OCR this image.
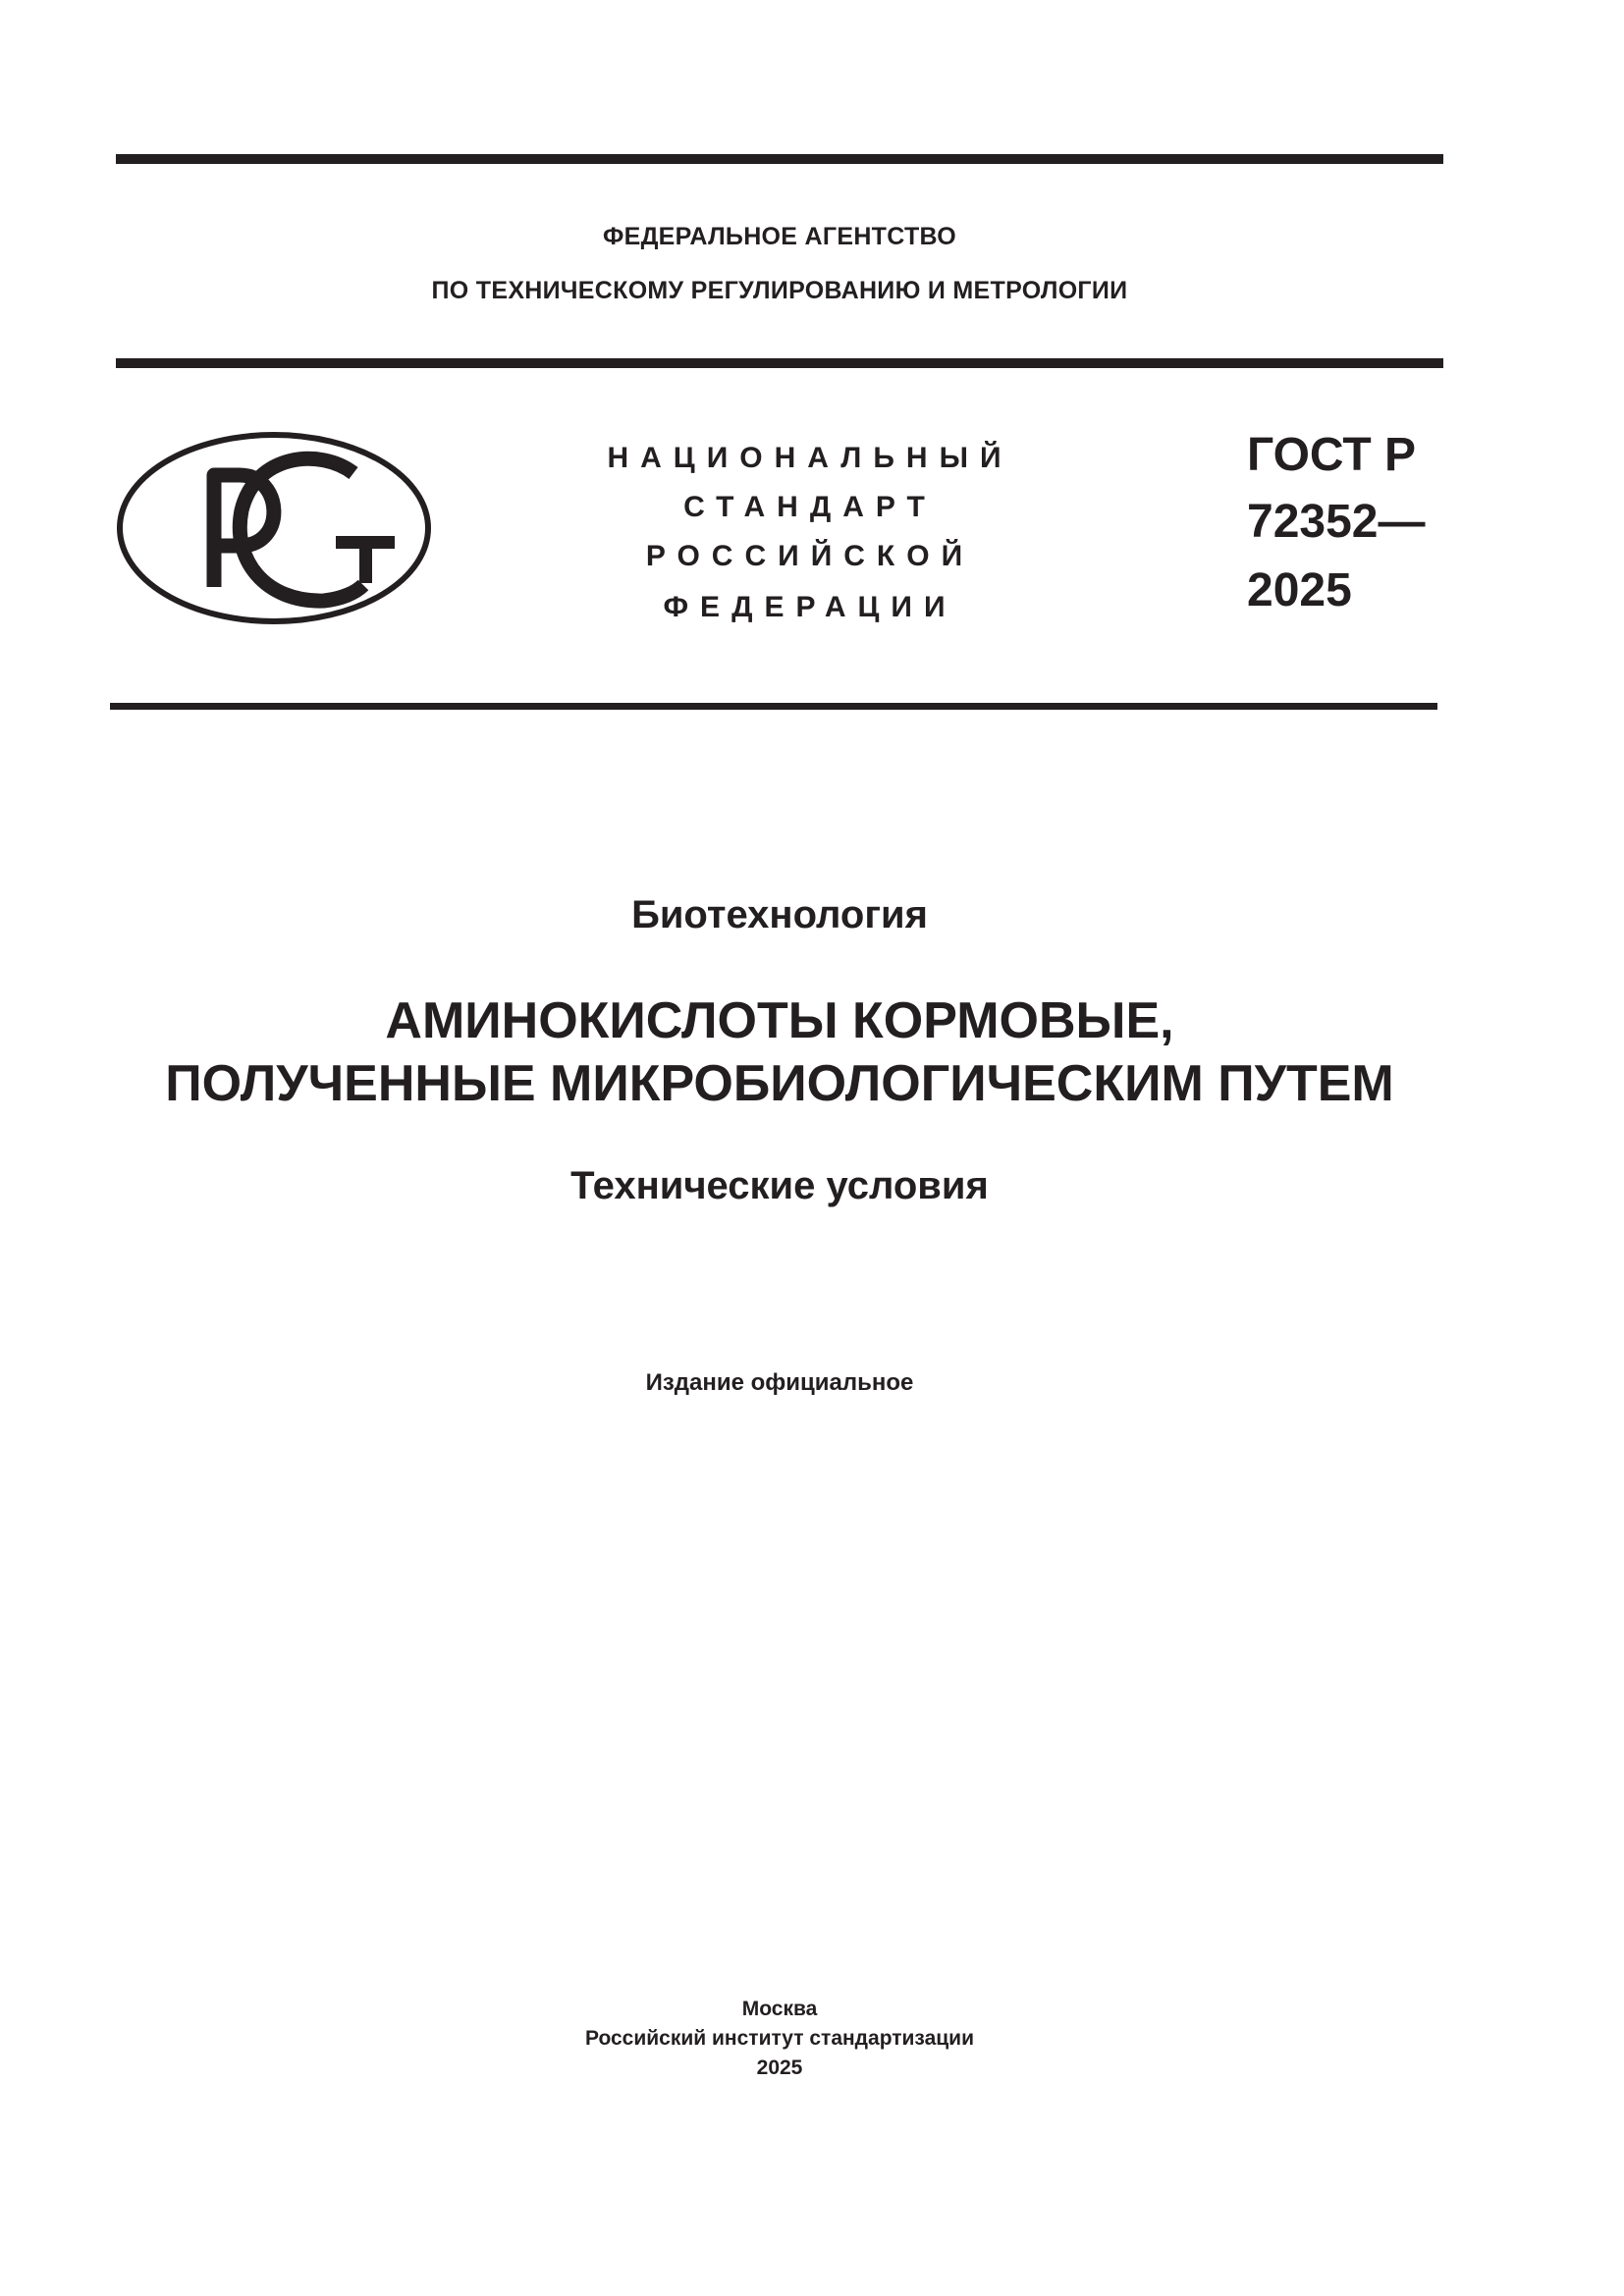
ФЕДЕРАЛЬНОЕ АГЕНТСТВО
ПО ТЕХНИЧЕСКОМУ РЕГУЛИРОВАНИЮ И МЕТРОЛОГИИ
НАЦИОНАЛЬНЫЙ
СТАНДАРТ
РОССИЙСКОЙ
ФЕДЕРАЦИИ
ГОСТ Р
72352—
2025
Биотехнология
АМИНОКИСЛОТЫ КОРМОВЫЕ,
ПОЛУЧЕННЫЕ МИКРОБИОЛОГИЧЕСКИМ ПУТЕМ
Технические условия
Издание официальное
Москва
Российский институт стандартизации
2025
